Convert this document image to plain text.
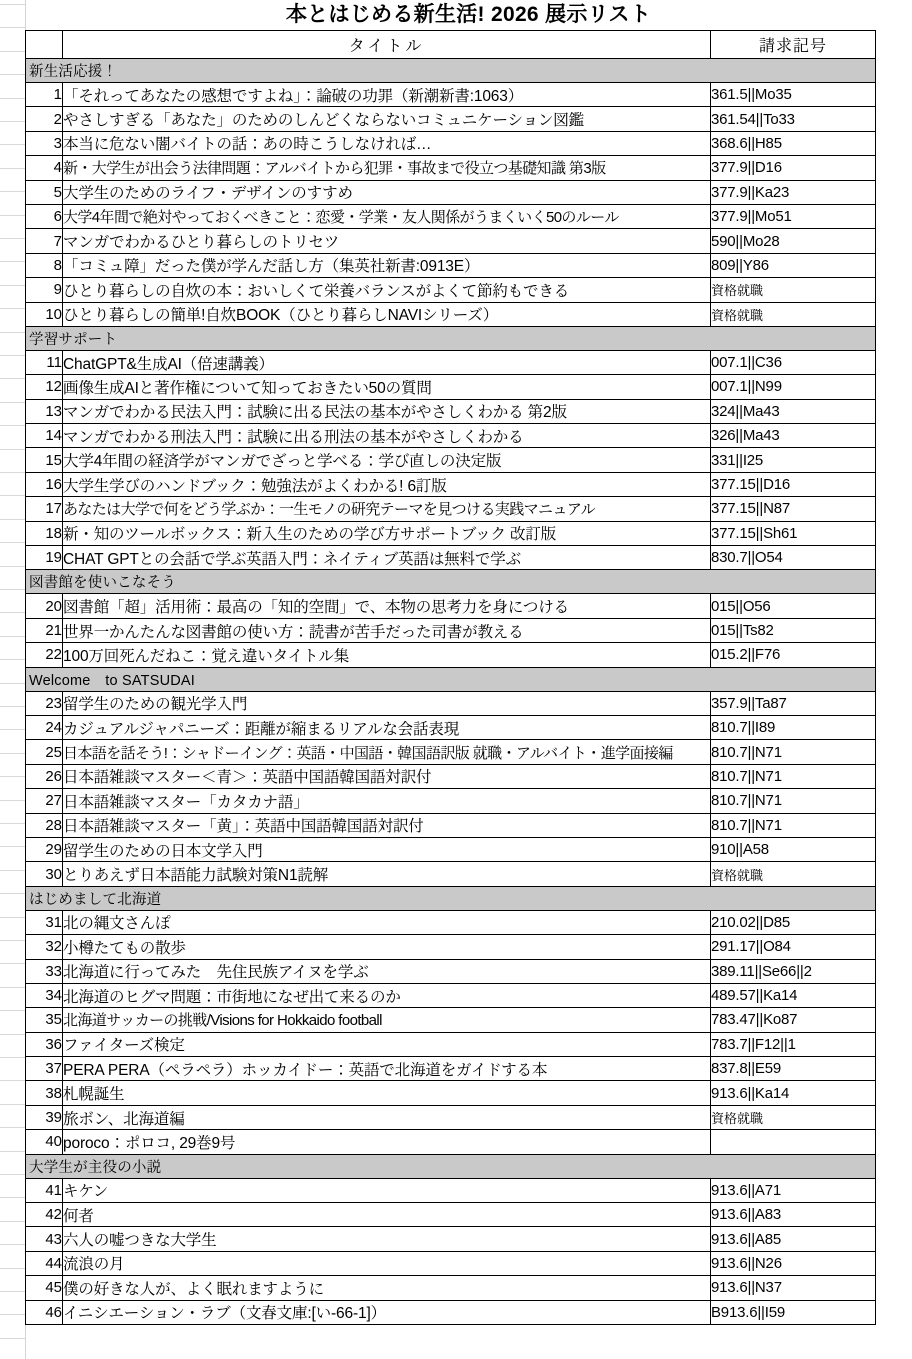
本とはじめる新生活! 2026 展示リスト
	タイトル	請求記号
新生活応援！		
1	「それってあなたの感想ですよね」：論破の功罪（新潮新書:1063）	361.5||Mo35
2	やさしすぎる「あなた」のためのしんどくならないコミュニケーション図鑑	361.54||To33
3	本当に危ない闇バイトの話：あの時こうしなければ…	368.6||H85
4	新・大学生が出会う法律問題：アルバイトから犯罪・事故まで役立つ基礎知識 第3版	377.9||D16
5	大学生のためのライフ・デザインのすすめ	377.9||Ka23
6	大学4年間で絶対やっておくべきこと：恋愛・学業・友人関係がうまくいく50のルール	377.9||Mo51
7	マンガでわかるひとり暮らしのトリセツ	590||Mo28
8	「コミュ障」だった僕が学んだ話し方（集英社新書:0913E）	809||Y86
9	ひとり暮らしの自炊の本：おいしくて栄養バランスがよくて節約もできる	資格就職
10	ひとり暮らしの簡単!自炊BOOK（ひとり暮らしNAVIシリーズ）	資格就職
学習サポート		
11	ChatGPT&生成AI（倍速講義）	007.1||C36
12	画像生成AIと著作権について知っておきたい50の質問	007.1||N99
13	マンガでわかる民法入門：試験に出る民法の基本がやさしくわかる 第2版	324||Ma43
14	マンガでわかる刑法入門：試験に出る刑法の基本がやさしくわかる	326||Ma43
15	大学4年間の経済学がマンガでざっと学べる：学び直しの決定版	331||I25
16	大学生学びのハンドブック：勉強法がよくわかる! 6訂版	377.15||D16
17	あなたは大学で何をどう学ぶか：一生モノの研究テーマを見つける実践マニュアル	377.15||N87
18	新・知のツールボックス：新入生のための学び方サポートブック 改訂版	377.15||Sh61
19	CHAT GPTとの会話で学ぶ英語入門：ネイティブ英語は無料で学ぶ	830.7||O54
図書館を使いこなそう		
20	図書館「超」活用術：最高の「知的空間」で、本物の思考力を身につける	015||O56
21	世界一かんたんな図書館の使い方：読書が苦手だった司書が教える	015||Ts82
22	100万回死んだねこ：覚え違いタイトル集	015.2||F76
Welcome　to SATSUDAI		
23	留学生のための観光学入門	357.9||Ta87
24	カジュアルジャパニーズ：距離が縮まるリアルな会話表現	810.7||I89
25	日本語を話そう!：シャドーイング：英語・中国語・韓国語訳版 就職・アルバイト・進学面接編	810.7||N71
26	日本語雑談マスター＜青＞：英語中国語韓国語対訳付	810.7||N71
27	日本語雑談マスター「カタカナ語」	810.7||N71
28	日本語雑談マスター「黄」：英語中国語韓国語対訳付	810.7||N71
29	留学生のための日本文学入門	910||A58
30	とりあえず日本語能力試験対策N1読解	資格就職
はじめまして北海道		
31	北の縄文さんぽ	210.02||D85
32	小樽たてもの散歩	291.17||O84
33	北海道に行ってみた　先住民族アイヌを学ぶ	389.11||Se66||2
34	北海道のヒグマ問題：市街地になぜ出て来るのか	489.57||Ka14
35	北海道サッカーの挑戦/Visions for Hokkaido football	783.47||Ko87
36	ファイターズ検定	783.7||F12||1
37	PERA PERA（ペラペラ）ホッカイドー：英語で北海道をガイドする本	837.8||E59
38	札幌誕生	913.6||Ka14
39	旅ボン、北海道編	資格就職
40	poroco：ポロコ, 29巻9号	
大学生が主役の小説		
41	キケン	913.6||A71
42	何者	913.6||A83
43	六人の嘘つきな大学生	913.6||A85
44	流浪の月	913.6||N26
45	僕の好きな人が、よく眠れますように	913.6||N37
46	イニシエーション・ラブ（文春文庫:[い-66-1]）	B913.6||I59
